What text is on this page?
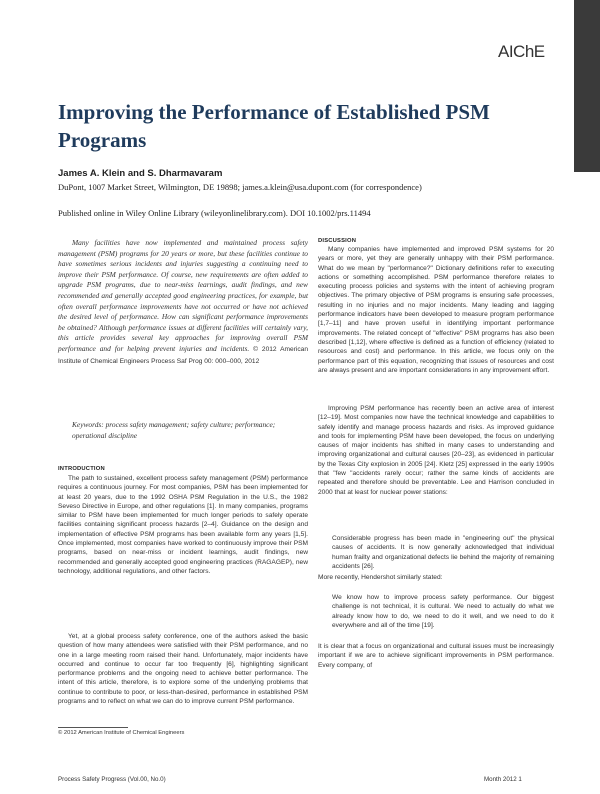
AIChE
Improving the Performance of Established PSM Programs
James A. Klein and S. Dharmavaram
DuPont, 1007 Market Street, Wilmington, DE 19898; james.a.klein@usa.dupont.com (for correspondence)
Published online in Wiley Online Library (wileyonlinelibrary.com). DOI 10.1002/prs.11494

Many facilities have now implemented and maintained process safety management (PSM) programs for 20 years or more, but these facilities continue to have sometimes serious incidents and injuries suggesting a continuing need to improve their PSM performance. Of course, new requirements are often added to upgrade PSM programs, due to near-miss learnings, audit findings, and new recommended and generally accepted good engineering practices, for example, but often overall performance improvements have not occurred or have not achieved the desired level of performance. How can significant performance improvements be obtained? Although performance issues at different facilities will certainly vary, this article provides several key approaches for improving overall PSM performance and for helping prevent injuries and incidents. © 2012 American Institute of Chemical Engineers Process Saf Prog 00: 000–000, 2012

Keywords: process safety management; safety culture; performance; operational discipline

INTRODUCTION

The path to sustained, excellent process safety management (PSM) performance requires a continuous journey. For most companies, PSM has been implemented for at least 20 years, due to the 1992 OSHA PSM Regulation in the U.S., the 1982 Seveso Directive in Europe, and other regulations [1]. In many companies, programs similar to PSM have been implemented for much longer periods to safely operate facilities containing significant process hazards [2–4]. Guidance on the design and implementation of effective PSM programs has been available form any years [1,5]. Once implemented, most companies have worked to continuously improve their PSM programs, based on near-miss or incident learnings, audit findings, new recommended and generally accepted good engineering practices (RAGAGEP), new technology, additional regulations, and other factors.

Yet, at a global process safety conference, one of the authors asked the basic question of how many attendees were satisfied with their PSM performance, and no one in a large meeting room raised their hand. Unfortunately, major incidents have occurred and continue to occur far too frequently [6], highlighting significant performance problems and the ongoing need to achieve better performance. The intent of this article, therefore, is to explore some of the underlying problems that continue to contribute to poor, or less-than-desired, performance in established PSM programs and to reflect on what we can do to improve current PSM performance.

© 2012 American Institute of Chemical Engineers
DISCUSSION

Many companies have implemented and improved PSM systems for 20 years or more, yet they are generally unhappy with their PSM performance. What do we mean by "performance?" Dictionary definitions refer to executing actions or something accomplished. PSM performance therefore relates to executing process policies and systems with the intent of achieving program objectives. The primary objective of PSM programs is ensuring safe processes, resulting in no injuries and no major incidents. Many leading and lagging performance indicators have been developed to measure program performance [1,7–11] and have proven useful in identifying important performance improvements. The related concept of "effective" PSM programs has also been described [1,12], where effective is defined as a function of efficiency (related to resources and cost) and performance. In this article, we focus only on the performance part of this equation, recognizing that issues of resources and cost are always present and are important considerations in any improvement effort.

Improving PSM performance has recently been an active area of interest [12–19]. Most companies now have the technical knowledge and capabilities to safely identify and manage process hazards and risks. As improved guidance and tools for implementing PSM have been developed, the focus on underlying causes of major incidents has shifted in many cases to understanding and improving organizational and cultural causes [20–23], as evidenced in particular by the Texas City explosion in 2005 [24]. Kletz [25] expressed in the early 1990s that "few "accidents rarely occur; rather the same kinds of accidents are repeated and therefore should be preventable. Lee and Harrison concluded in 2000 that at least for nuclear power stations:

Considerable progress has been made in "engineering out" the physical causes of accidents. It is now generally acknowledged that individual human frailty and organizational defects lie behind the majority of remaining accidents [26].

More recently, Hendershot similarly stated:

We know how to improve process safety performance. Our biggest challenge is not technical, it is cultural. We need to actually do what we already know how to do, we need to do it well, and we need to do it everywhere and all of the time [19].

It is clear that a focus on organizational and cultural issues must be increasingly important if we are to achieve significant improvements in PSM performance. Every company, of

Process Safety Progress (Vol.00, No.0)	Month 2012 1
